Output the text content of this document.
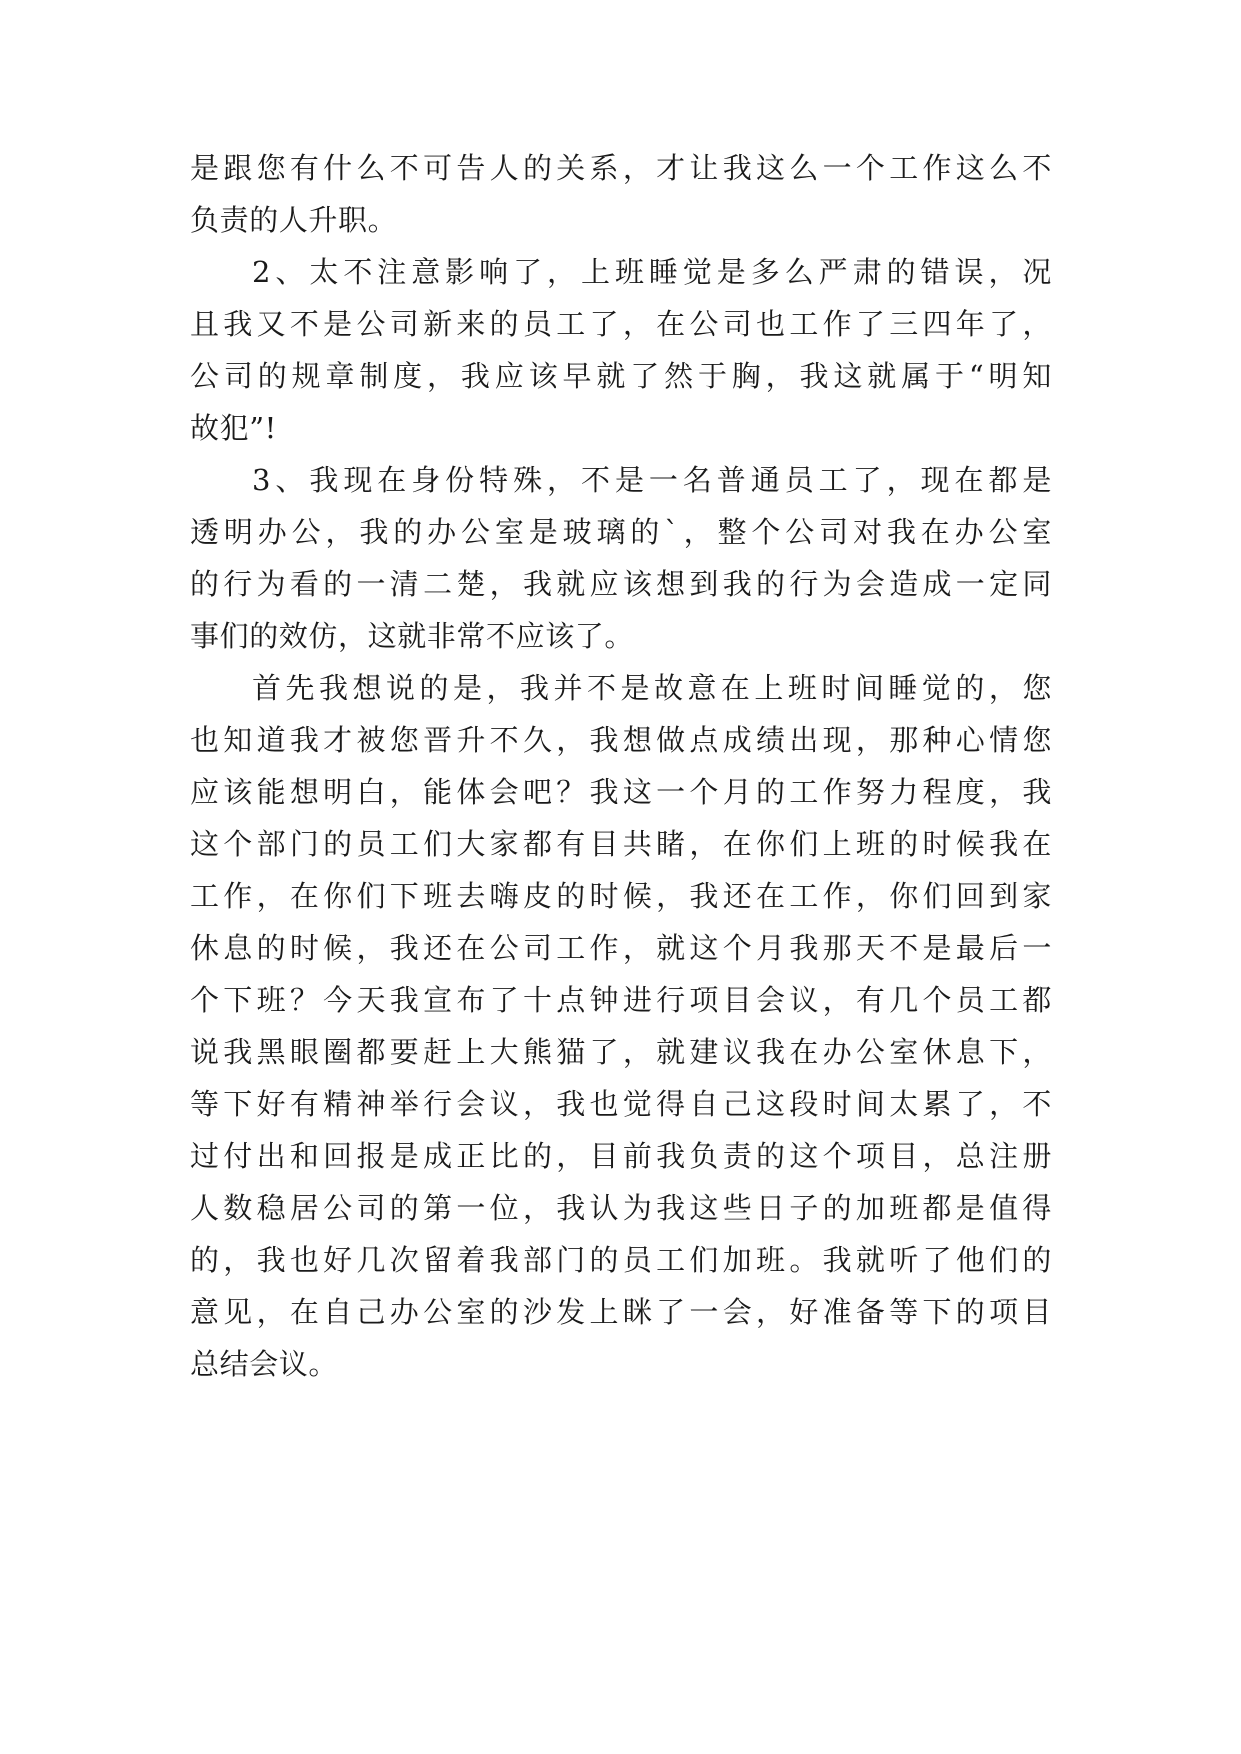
是跟您有什么不可告人的关系，才让我这么一个工作这么不
负责的人升职。
2、太不注意影响了，上班睡觉是多么严肃的错误，况
且我又不是公司新来的员工了，在公司也工作了三四年了，
公司的规章制度，我应该早就了然于胸，我这就属于“明知
故犯”!
3、我现在身份特殊，不是一名普通员工了，现在都是
透明办公，我的办公室是玻璃的`，整个公司对我在办公室
的行为看的一清二楚，我就应该想到我的行为会造成一定同
事们的效仿，这就非常不应该了。
首先我想说的是，我并不是故意在上班时间睡觉的，您
也知道我才被您晋升不久，我想做点成绩出现，那种心情您
应该能想明白，能体会吧？我这一个月的工作努力程度，我
这个部门的员工们大家都有目共睹，在你们上班的时候我在
工作，在你们下班去嗨皮的时候，我还在工作，你们回到家
休息的时候，我还在公司工作，就这个月我那天不是最后一
个下班？今天我宣布了十点钟进行项目会议，有几个员工都
说我黑眼圈都要赶上大熊猫了，就建议我在办公室休息下，
等下好有精神举行会议，我也觉得自己这段时间太累了，不
过付出和回报是成正比的，目前我负责的这个项目，总注册
人数稳居公司的第一位，我认为我这些日子的加班都是值得
的，我也好几次留着我部门的员工们加班。我就听了他们的
意见，在自己办公室的沙发上眯了一会，好准备等下的项目
总结会议。
